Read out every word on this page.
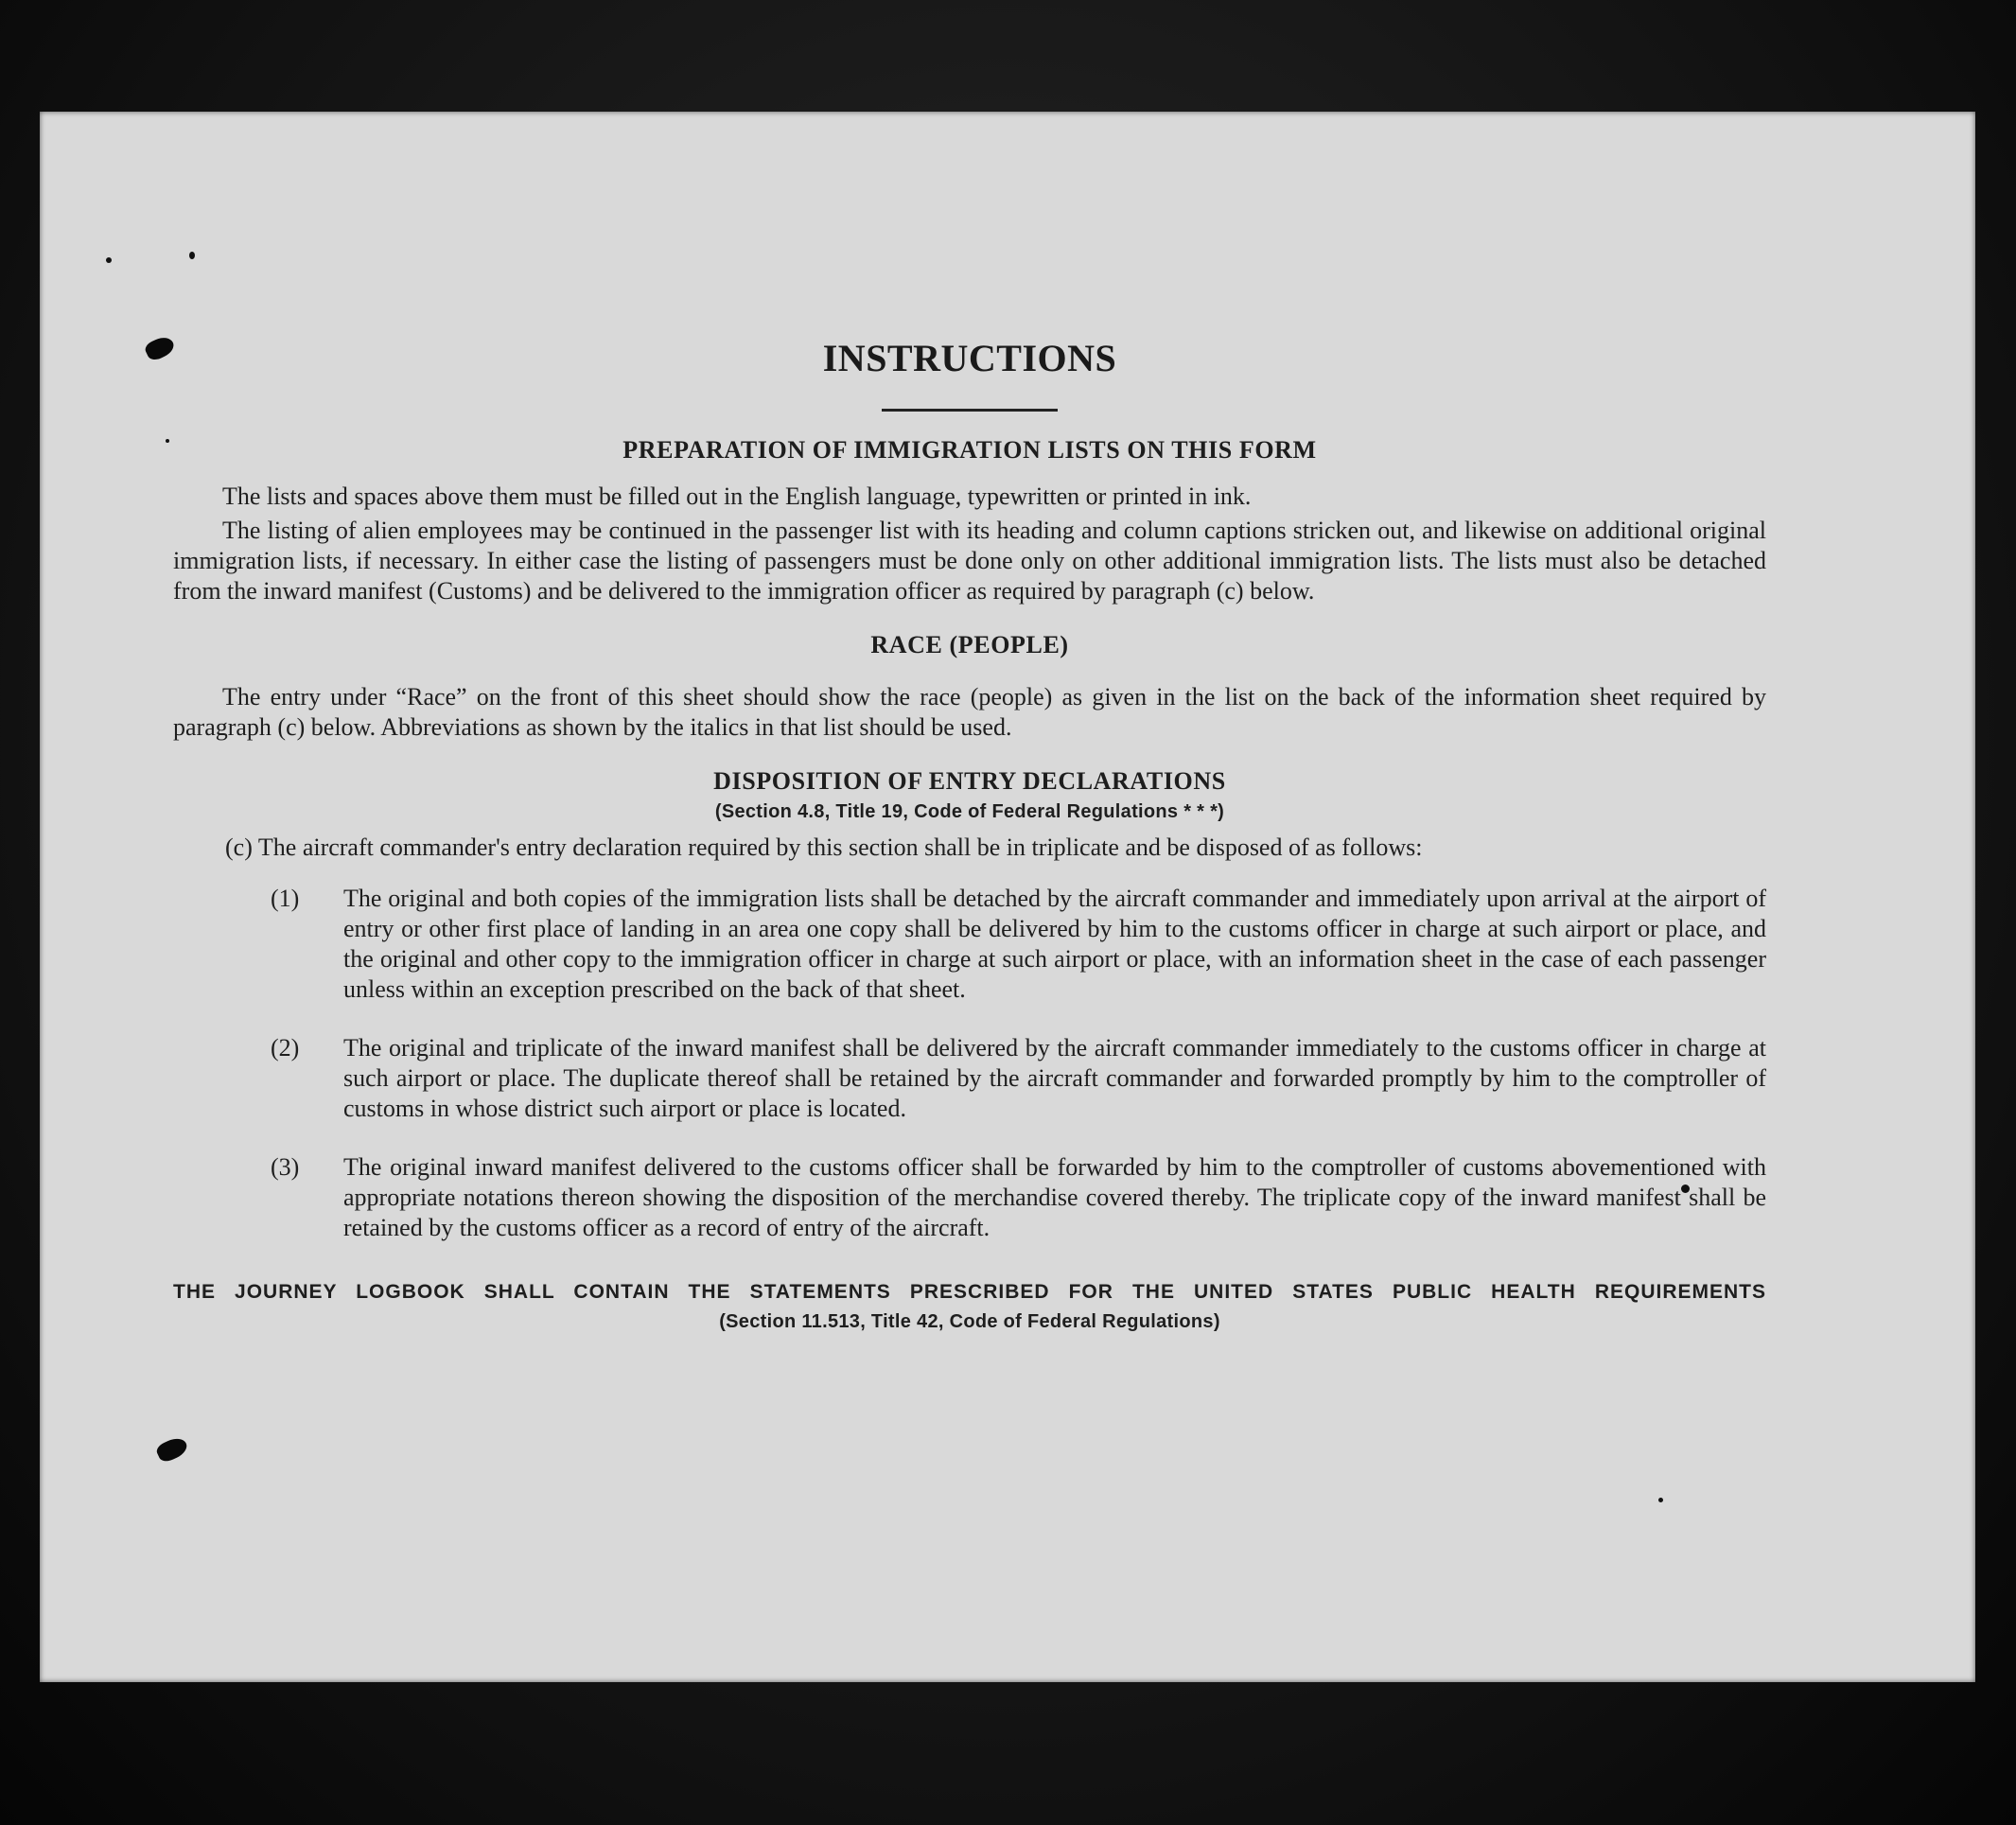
INSTRUCTIONS
PREPARATION OF IMMIGRATION LISTS ON THIS FORM

The lists and spaces above them must be filled out in the English language, typewritten or printed in ink.

The listing of alien employees may be continued in the passenger list with its heading and column captions stricken out, and likewise on additional original immigration lists, if necessary. In either case the listing of passengers must be done only on other additional immigration lists. The lists must also be detached from the inward manifest (Customs) and be delivered to the immigration officer as required by paragraph (c) below.

RACE (PEOPLE)

The entry under “Race” on the front of this sheet should show the race (people) as given in the list on the back of the information sheet required by paragraph (c) below. Abbreviations as shown by the italics in that list should be used.

DISPOSITION OF ENTRY DECLARATIONS
(Section 4.8, Title 19, Code of Federal Regulations * * *)

(c) The aircraft commander's entry declaration required by this section shall be in triplicate and be disposed of as follows:

(1) The original and both copies of the immigration lists shall be detached by the aircraft commander and immediately upon arrival at the airport of entry or other first place of landing in an area one copy shall be delivered by him to the customs officer in charge at such airport or place, and the original and other copy to the immigration officer in charge at such airport or place, with an information sheet in the case of each passenger unless within an exception prescribed on the back of that sheet.
(2) The original and triplicate of the inward manifest shall be delivered by the aircraft commander immediately to the customs officer in charge at such airport or place. The duplicate thereof shall be retained by the aircraft commander and forwarded promptly by him to the comptroller of customs in whose district such airport or place is located.
(3) The original inward manifest delivered to the customs officer shall be forwarded by him to the comptroller of customs abovementioned with appropriate notations thereon showing the disposition of the merchandise covered thereby. The triplicate copy of the inward manifest shall be retained by the customs officer as a record of entry of the aircraft.

THE JOURNEY LOGBOOK SHALL CONTAIN THE STATEMENTS PRESCRIBED FOR THE UNITED STATES PUBLIC HEALTH REQUIREMENTS

(Section 11.513, Title 42, Code of Federal Regulations)
